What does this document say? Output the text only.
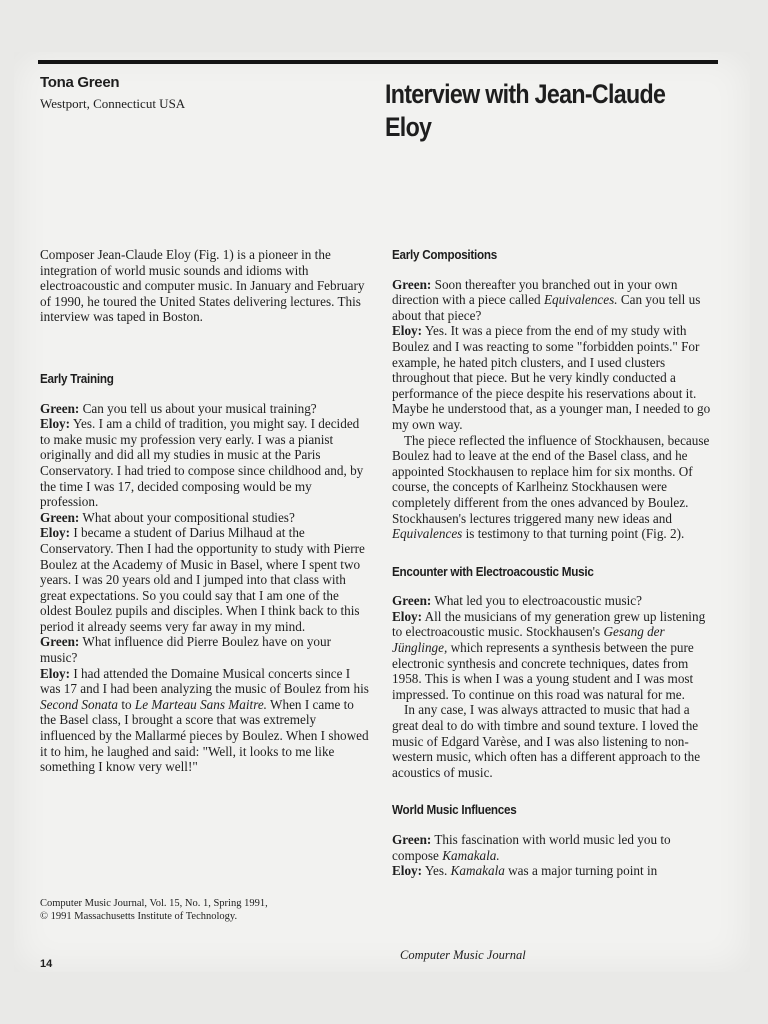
Tona Green
Westport, Connecticut USA	Interview with Jean-Claude Eloy

Composer Jean-Claude Eloy (Fig. 1) is a pioneer in the integration of world music sounds and idioms with electroacoustic and computer music. In January and February of 1990, he toured the United States delivering lectures. This interview was taped in Boston.

Early Training

Green: Can you tell us about your musical training?

Eloy: Yes. I am a child of tradition, you might say. I decided to make music my profession very early. I was a pianist originally and did all my studies in music at the Paris Conservatory. I had tried to compose since childhood and, by the time I was 17, decided composing would be my profession.

Green: What about your compositional studies?

Eloy: I became a student of Darius Milhaud at the Conservatory. Then I had the opportunity to study with Pierre Boulez at the Academy of Music in Basel, where I spent two years. I was 20 years old and I jumped into that class with great expectations. So you could say that I am one of the oldest Boulez pupils and disciples. When I think back to this period it already seems very far away in my mind.

Green: What influence did Pierre Boulez have on your music?

Eloy: I had attended the Domaine Musical concerts since I was 17 and I had been analyzing the music of Boulez from his Second Sonata to Le Marteau Sans Maitre. When I came to the Basel class, I brought a score that was extremely influenced by the Mallarmé pieces by Boulez. When I showed it to him, he laughed and said: "Well, it looks to me like something I know very well!"

Early Compositions

Green: Soon thereafter you branched out in your own direction with a piece called Equivalences. Can you tell us about that piece?

Eloy: Yes. It was a piece from the end of my study with Boulez and I was reacting to some "forbidden points." For example, he hated pitch clusters, and I used clusters throughout that piece. But he very kindly conducted a performance of the piece despite his reservations about it. Maybe he understood that, as a younger man, I needed to go my own way.

The piece reflected the influence of Stockhausen, because Boulez had to leave at the end of the Basel class, and he appointed Stockhausen to replace him for six months. Of course, the concepts of Karlheinz Stockhausen were completely different from the ones advanced by Boulez. Stockhausen's lectures triggered many new ideas and Equivalences is testimony to that turning point (Fig. 2).

Encounter with Electroacoustic Music

Green: What led you to electroacoustic music?

Eloy: All the musicians of my generation grew up listening to electroacoustic music. Stockhausen's Gesang der Jünglinge, which represents a synthesis between the pure electronic synthesis and concrete techniques, dates from 1958. This is when I was a young student and I was most impressed. To continue on this road was natural for me.

In any case, I was always attracted to music that had a great deal to do with timbre and sound texture. I loved the music of Edgard Varèse, and I was also listening to non-western music, which often has a different approach to the acoustics of music.

World Music Influences

Green: This fascination with world music led you to compose Kamakala.

Eloy: Yes. Kamakala was a major turning point in

Computer Music Journal, Vol. 15, No. 1, Spring 1991,
© 1991 Massachusetts Institute of Technology.
14
Computer Music Journal
